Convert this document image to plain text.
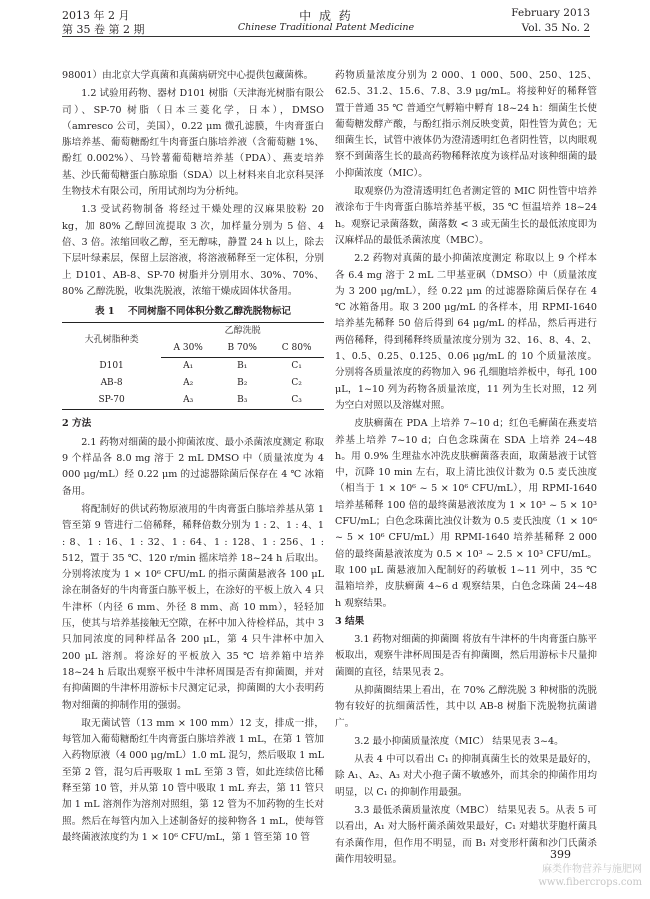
2013 年 2 月
第 35 卷 第 2 期
中 成 药
Chinese Traditional Patent Medicine
February 2013
Vol. 35 No. 2

98001）由北京大学真菌和真菌病研究中心提供包藏菌株。

1.2 试验用药物、器材 D101 树脂（天津海光树脂有限公司）、SP-70 树脂（日本三菱化学，日本），DMSO（amresco 公司，美国），0.22 μm 微孔滤膜，牛肉膏蛋白胨培养基、葡萄糖酚红牛肉膏蛋白胨培养液（含葡萄糖 1%、酚红 0.002%）、马铃薯葡萄糖培养基（PDA）、燕麦培养基、沙氏葡萄糖蛋白胨琼脂（SDA）以上材料来自北京科昊泽生物技术有限公司，所用试剂均为分析纯。

1.3 受试药物制备 将经过干燥处理的汉麻果胶粉 20 kg，加 80% 乙醇回流提取 3 次，加样量分别为 5 倍、4 倍、3 倍。浓缩回收乙醇，至无醇味，静置 24 h 以上，除去下层叶绿素层，保留上层溶液，将溶液稀释至一定体积，分别上 D101、AB-8、SP-70 树脂并分别用水、30%、70%、80% 乙醇洗脱，收集洗脱液，浓缩干燥成固体状备用。

表 1 不同树脂不同体积分数乙醇洗脱物标记
大孔树脂种类	乙醇洗脱		
	A 30%	B 70%	C 80%
D101	A₁	B₁	C₁
AB-8	A₂	B₂	C₂
SP-70	A₃	B₃	C₃

2 方法

2.1 药物对细菌的最小抑菌浓度、最小杀菌浓度测定 称取 9 个样品各 8.0 mg 溶于 2 mL DMSO 中（质量浓度为 4 000 μg/mL）经 0.22 μm 的过滤器除菌后保存在 4 ℃ 冰箱备用。

将配制好的供试药物原液用的牛肉膏蛋白胨培养基从第 1 管至第 9 管进行二倍稀释，稀释倍数分别为 1 : 2、1 : 4、1 : 8、1 : 16、1 : 32、1 : 64、1 : 128、1 : 256、1 : 512，置于 35 ℃、120 r/min 摇床培养 18~24 h 后取出。分别将浓度为 1 × 10⁶ CFU/mL 的指示菌菌悬液各 100 μL 涂在制备好的牛肉膏蛋白胨平板上，在涂好的平板上放入 4 只牛津杯（内径 6 mm、外径 8 mm、高 10 mm），轻轻加压，使其与培养基接触无空隙，在杯中加入待检样品，其中 3 只加同浓度的同种样品各 200 μL，第 4 只牛津杯中加入 200 μL 溶剂。将涂好的平板放入 35 ℃ 培养箱中培养 18~24 h 后取出观察平板中牛津杯周围是否有抑菌圈，并对有抑菌圈的牛津杯用游标卡尺测定记录，抑菌圈的大小表明药物对细菌的抑制作用的强弱。

取无菌试管（13 mm × 100 mm）12 支，排成一排，每管加入葡萄糖酚红牛肉膏蛋白胨培养液 1 mL，在第 1 管加入药物原液（4 000 μg/mL）1.0 mL 混匀，然后吸取 1 mL 至第 2 管，混匀后再吸取 1 mL 至第 3 管，如此连续倍比稀释至第 10 管，并从第 10 管中吸取 1 mL 弃去，第 11 管只加 1 mL 溶剂作为溶剂对照组，第 12 管为不加药物的生长对照。然后在每管内加入上述制备好的接种物各 1 mL，使每管最终菌液浓度约为 1 × 10⁶ CFU/mL，第 1 管至第 10 管

药物质量浓度分别为 2 000、1 000、500、250、125、62.5、31.2、15.6、7.8、3.9 μg/mL。将接种好的稀释管置于普通 35 ℃ 普通空气孵箱中孵育 18~24 h：细菌生长使葡萄糖发酵产酸，与酚红指示剂反映变黄，阳性管为黄色；无细菌生长，试管中液体仍为澄清透明红色者阴性管，以肉眼观察不到菌落生长的最高药物稀释浓度为该样品对该种细菌的最小抑菌浓度（MIC）。

取观察仍为澄清透明红色者测定管的 MIC 阴性管中培养液涂布于牛肉膏蛋白胨培养基平板，35 ℃ 恒温培养 18~24 h。观察记录菌落数，菌落数 < 3 或无菌生长的最低浓度即为汉麻样品的最低杀菌浓度（MBC）。

2.2 药物对真菌的最小抑菌浓度测定 称取以上 9 个样本各 6.4 mg 溶于 2 mL 二甲基亚砜（DMSO）中（质量浓度为 3 200 μg/mL），经 0.22 μm 的过滤器除菌后保存在 4 ℃ 冰箱备用。取 3 200 μg/mL 的各样本，用 RPMI-1640 培养基先稀释 50 倍后得到 64 μg/mL 的样品，然后再进行两倍稀释，得到稀释终质量浓度分别为 32、16、8、4、2、1、0.5、0.25、0.125、0.06 μg/mL 的 10 个质量浓度。分别将各质量浓度的药物加入 96 孔细胞培养板中，每孔 100 μL，1~10 列为药物各质量浓度，11 列为生长对照，12 列为空白对照以及溶媒对照。

皮肤癣菌在 PDA 上培养 7~10 d；红色毛癣菌在燕麦培养基上培养 7~10 d；白色念珠菌在 SDA 上培养 24~48 h。用 0.9% 生理盐水冲洗皮肤癣菌落表面，取菌悬液于试管中，沉降 10 min 左右，取上清比浊仪计数为 0.5 麦氏浊度（相当于 1 × 10⁶ ~ 5 × 10⁶ CFU/mL），用 RPMI-1640 培养基稀释 100 倍的最终菌悬液浓度为 1 × 10³ ~ 5 × 10³ CFU/mL；白色念珠菌比浊仪计数为 0.5 麦氏浊度（1 × 10⁶ ~ 5 × 10⁶ CFU/mL）用 RPMI-1640 培养基稀释 2 000 倍的最终菌悬液浓度为 0.5 × 10³ ~ 2.5 × 10³ CFU/mL。取 100 μL 菌悬液加入配制好的药敏板 1~11 列中，35 ℃ 温箱培养，皮肤癣菌 4~6 d 观察结果，白色念珠菌 24~48 h 观察结果。

3 结果

3.1 药物对细菌的抑菌圈 将放有牛津杯的牛肉膏蛋白胨平板取出，观察牛津杯周围是否有抑菌圈，然后用游标卡尺量抑菌圈的直径，结果见表 2。

从抑菌圈结果上看出，在 70% 乙醇洗脱 3 种树脂的洗脱物有较好的抗细菌活性，其中以 AB-8 树脂下洗脱物抗菌谱广。

3.2 最小抑菌质量浓度（MIC） 结果见表 3~4。

从表 4 中可以看出 C₁ 的抑制真菌生长的效果是最好的，除 A₁、A₂、A₃ 对犬小孢子菌不敏感外，而其余的抑菌作用均明显，以 C₁ 的抑制作用最强。

3.3 最低杀菌质量浓度（MBC） 结果见表 5。从表 5 可以看出，A₁ 对大肠杆菌杀菌效果最好，C₁ 对蜡状芽胞杆菌具有杀菌作用，但作用不明显，而 B₁ 对变形杆菌和沙门氏菌杀菌作用较明显。	399
麻类作物营养与施肥网
www.fibercrops.com
